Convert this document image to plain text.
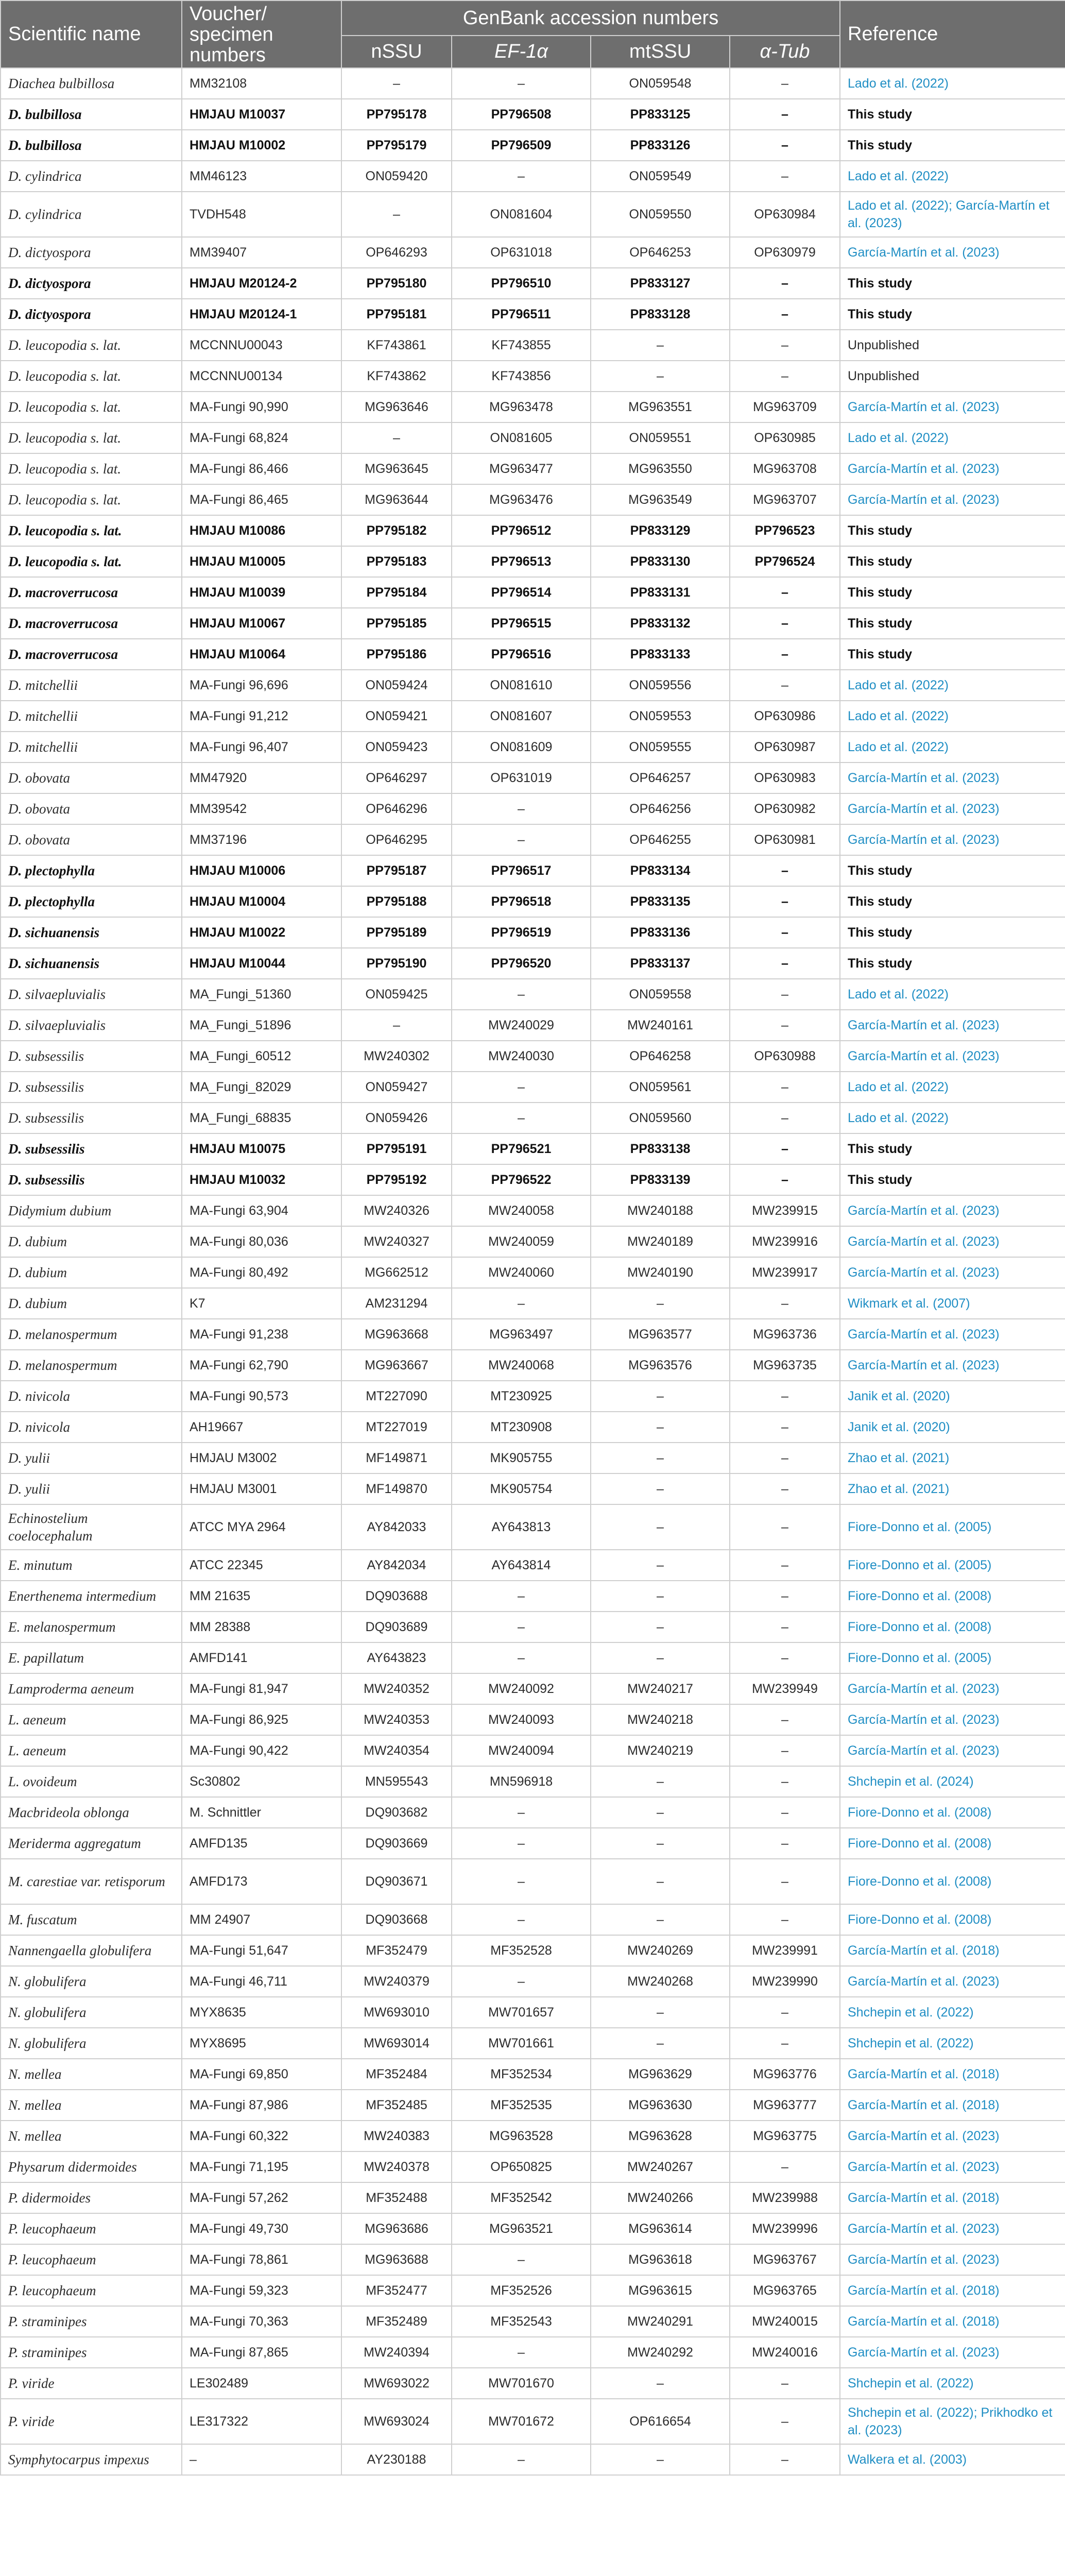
Scientific name	Voucher/
specimen
numbers	GenBank accession numbers				Reference
		nSSU	EF-1α	mtSSU	α-Tub	
Diachea bulbillosa	MM32108	–	–	ON059548	–	Lado et al. (2022)
D. bulbillosa	HMJAU M10037	PP795178	PP796508	PP833125	–	This study
D. bulbillosa	HMJAU M10002	PP795179	PP796509	PP833126	–	This study
D. cylindrica	MM46123	ON059420	–	ON059549	–	Lado et al. (2022)
D. cylindrica	TVDH548	–	ON081604	ON059550	OP630984	Lado et al. (2022); García-Martín et al. (2023)
D. dictyospora	MM39407	OP646293	OP631018	OP646253	OP630979	García-Martín et al. (2023)
D. dictyospora	HMJAU M20124-2	PP795180	PP796510	PP833127	–	This study
D. dictyospora	HMJAU M20124-1	PP795181	PP796511	PP833128	–	This study
D. leucopodia s. lat.	MCCNNU00043	KF743861	KF743855	–	–	Unpublished
D. leucopodia s. lat.	MCCNNU00134	KF743862	KF743856	–	–	Unpublished
D. leucopodia s. lat.	MA-Fungi 90,990	MG963646	MG963478	MG963551	MG963709	García-Martín et al. (2023)
D. leucopodia s. lat.	MA-Fungi 68,824	–	ON081605	ON059551	OP630985	Lado et al. (2022)
D. leucopodia s. lat.	MA-Fungi 86,466	MG963645	MG963477	MG963550	MG963708	García-Martín et al. (2023)
D. leucopodia s. lat.	MA-Fungi 86,465	MG963644	MG963476	MG963549	MG963707	García-Martín et al. (2023)
D. leucopodia s. lat.	HMJAU M10086	PP795182	PP796512	PP833129	PP796523	This study
D. leucopodia s. lat.	HMJAU M10005	PP795183	PP796513	PP833130	PP796524	This study
D. macroverrucosa	HMJAU M10039	PP795184	PP796514	PP833131	–	This study
D. macroverrucosa	HMJAU M10067	PP795185	PP796515	PP833132	–	This study
D. macroverrucosa	HMJAU M10064	PP795186	PP796516	PP833133	–	This study
D. mitchellii	MA-Fungi 96,696	ON059424	ON081610	ON059556	–	Lado et al. (2022)
D. mitchellii	MA-Fungi 91,212	ON059421	ON081607	ON059553	OP630986	Lado et al. (2022)
D. mitchellii	MA-Fungi 96,407	ON059423	ON081609	ON059555	OP630987	Lado et al. (2022)
D. obovata	MM47920	OP646297	OP631019	OP646257	OP630983	García-Martín et al. (2023)
D. obovata	MM39542	OP646296	–	OP646256	OP630982	García-Martín et al. (2023)
D. obovata	MM37196	OP646295	–	OP646255	OP630981	García-Martín et al. (2023)
D. plectophylla	HMJAU M10006	PP795187	PP796517	PP833134	–	This study
D. plectophylla	HMJAU M10004	PP795188	PP796518	PP833135	–	This study
D. sichuanensis	HMJAU M10022	PP795189	PP796519	PP833136	–	This study
D. sichuanensis	HMJAU M10044	PP795190	PP796520	PP833137	–	This study
D. silvaepluvialis	MA_Fungi_51360	ON059425	–	ON059558	–	Lado et al. (2022)
D. silvaepluvialis	MA_Fungi_51896	–	MW240029	MW240161	–	García-Martín et al. (2023)
D. subsessilis	MA_Fungi_60512	MW240302	MW240030	OP646258	OP630988	García-Martín et al. (2023)
D. subsessilis	MA_Fungi_82029	ON059427	–	ON059561	–	Lado et al. (2022)
D. subsessilis	MA_Fungi_68835	ON059426	–	ON059560	–	Lado et al. (2022)
D. subsessilis	HMJAU M10075	PP795191	PP796521	PP833138	–	This study
D. subsessilis	HMJAU M10032	PP795192	PP796522	PP833139	–	This study
Didymium dubium	MA-Fungi 63,904	MW240326	MW240058	MW240188	MW239915	García-Martín et al. (2023)
D. dubium	MA-Fungi 80,036	MW240327	MW240059	MW240189	MW239916	García-Martín et al. (2023)
D. dubium	MA-Fungi 80,492	MG662512	MW240060	MW240190	MW239917	García-Martín et al. (2023)
D. dubium	K7	AM231294	–	–	–	Wikmark et al. (2007)
D. melanospermum	MA-Fungi 91,238	MG963668	MG963497	MG963577	MG963736	García-Martín et al. (2023)
D. melanospermum	MA-Fungi 62,790	MG963667	MW240068	MG963576	MG963735	García-Martín et al. (2023)
D. nivicola	MA-Fungi 90,573	MT227090	MT230925	–	–	Janik et al. (2020)
D. nivicola	AH19667	MT227019	MT230908	–	–	Janik et al. (2020)
D. yulii	HMJAU M3002	MF149871	MK905755	–	–	Zhao et al. (2021)
D. yulii	HMJAU M3001	MF149870	MK905754	–	–	Zhao et al. (2021)
Echinostelium coelocephalum	ATCC MYA 2964	AY842033	AY643813	–	–	Fiore-Donno et al. (2005)
E. minutum	ATCC 22345	AY842034	AY643814	–	–	Fiore-Donno et al. (2005)
Enerthenema intermedium	MM 21635	DQ903688	–	–	–	Fiore-Donno et al. (2008)
E. melanospermum	MM 28388	DQ903689	–	–	–	Fiore-Donno et al. (2008)
E. papillatum	AMFD141	AY643823	–	–	–	Fiore-Donno et al. (2005)
Lamproderma aeneum	MA-Fungi 81,947	MW240352	MW240092	MW240217	MW239949	García-Martín et al. (2023)
L. aeneum	MA-Fungi 86,925	MW240353	MW240093	MW240218	–	García-Martín et al. (2023)
L. aeneum	MA-Fungi 90,422	MW240354	MW240094	MW240219	–	García-Martín et al. (2023)
L. ovoideum	Sc30802	MN595543	MN596918	–	–	Shchepin et al. (2024)
Macbrideola oblonga	M. Schnittler	DQ903682	–	–	–	Fiore-Donno et al. (2008)
Meriderma aggregatum	AMFD135	DQ903669	–	–	–	Fiore-Donno et al. (2008)
M. carestiae var. retisporum	AMFD173	DQ903671	–	–	–	Fiore-Donno et al. (2008)
M. fuscatum	MM 24907	DQ903668	–	–	–	Fiore-Donno et al. (2008)
Nannengaella globulifera	MA-Fungi 51,647	MF352479	MF352528	MW240269	MW239991	García-Martín et al. (2018)
N. globulifera	MA-Fungi 46,711	MW240379	–	MW240268	MW239990	García-Martín et al. (2023)
N. globulifera	MYX8635	MW693010	MW701657	–	–	Shchepin et al. (2022)
N. globulifera	MYX8695	MW693014	MW701661	–	–	Shchepin et al. (2022)
N. mellea	MA-Fungi 69,850	MF352484	MF352534	MG963629	MG963776	García-Martín et al. (2018)
N. mellea	MA-Fungi 87,986	MF352485	MF352535	MG963630	MG963777	García-Martín et al. (2018)
N. mellea	MA-Fungi 60,322	MW240383	MG963528	MG963628	MG963775	García-Martín et al. (2023)
Physarum didermoides	MA-Fungi 71,195	MW240378	OP650825	MW240267	–	García-Martín et al. (2023)
P. didermoides	MA-Fungi 57,262	MF352488	MF352542	MW240266	MW239988	García-Martín et al. (2018)
P. leucophaeum	MA-Fungi 49,730	MG963686	MG963521	MG963614	MW239996	García-Martín et al. (2023)
P. leucophaeum	MA-Fungi 78,861	MG963688	–	MG963618	MG963767	García-Martín et al. (2023)
P. leucophaeum	MA-Fungi 59,323	MF352477	MF352526	MG963615	MG963765	García-Martín et al. (2018)
P. straminipes	MA-Fungi 70,363	MF352489	MF352543	MW240291	MW240015	García-Martín et al. (2018)
P. straminipes	MA-Fungi 87,865	MW240394	–	MW240292	MW240016	García-Martín et al. (2023)
P. viride	LE302489	MW693022	MW701670	–	–	Shchepin et al. (2022)
P. viride	LE317322	MW693024	MW701672	OP616654	–	Shchepin et al. (2022); Prikhodko et al. (2023)
Symphytocarpus impexus	–	AY230188	–	–	–	Walkera et al. (2003)
